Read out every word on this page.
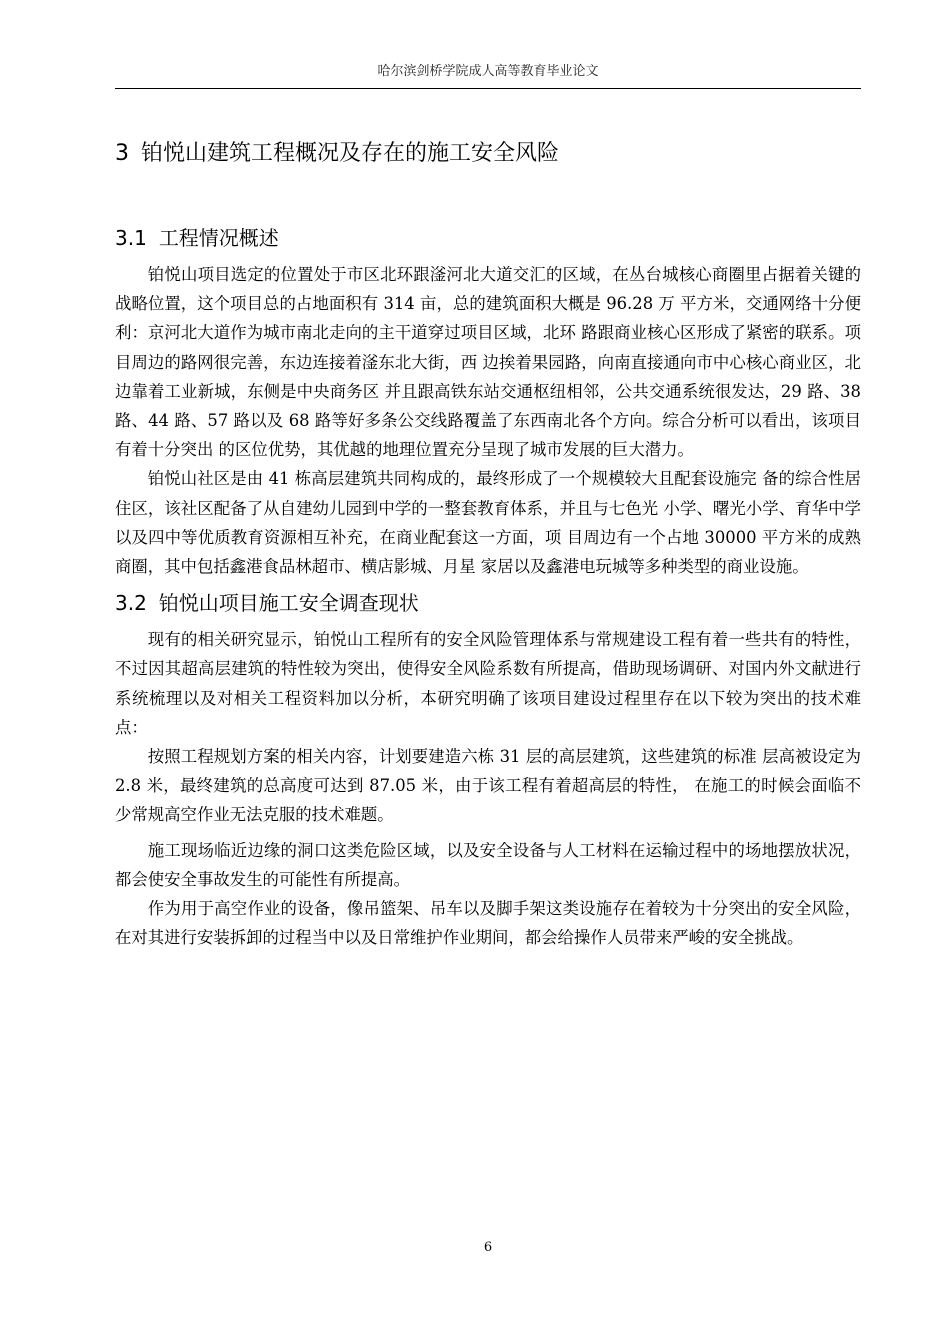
哈尔滨剑桥学院成人高等教育毕业论文
3 铂悦山建筑工程概况及存在的施工安全风险
3.1 工程情况概述

铂悦山项目选定的位置处于市区北环跟滏河北大道交汇的区域，在丛台城核心商圈里占据着关键的战略位置，这个项目总的占地面积有 314 亩，总的建筑面积大概是 96.28 万 平方米，交通网络十分便利：京河北大道作为城市南北走向的主干道穿过项目区域，北环 路跟商业核心区形成了紧密的联系。项目周边的路网很完善，东边连接着滏东北大街，西 边挨着果园路，向南直接通向市中心核心商业区，北边靠着工业新城，东侧是中央商务区 并且跟高铁东站交通枢纽相邻，公共交通系统很发达，29 路、38 路、44 路、57 路以及 68 路等好多条公交线路覆盖了东西南北各个方向。综合分析可以看出，该项目有着十分突出 的区位优势，其优越的地理位置充分呈现了城市发展的巨大潜力。

铂悦山社区是由 41 栋高层建筑共同构成的，最终形成了一个规模较大且配套设施完 备的综合性居住区，该社区配备了从自建幼儿园到中学的一整套教育体系，并且与七色光 小学、曙光小学、育华中学以及四中等优质教育资源相互补充，在商业配套这一方面，项 目周边有一个占地 30000 平方米的成熟商圈，其中包括鑫港食品林超市、横店影城、月星 家居以及鑫港电玩城等多种类型的商业设施。

3.2 铂悦山项目施工安全调查现状

现有的相关研究显示，铂悦山工程所有的安全风险管理体系与常规建设工程有着一些共有的特性，不过因其超高层建筑的特性较为突出，使得安全风险系数有所提高，借助现场调研、对国内外文献进行系统梳理以及对相关工程资料加以分析，本研究明确了该项目建设过程里存在以下较为突出的技术难点：

按照工程规划方案的相关内容，计划要建造六栋 31 层的高层建筑，这些建筑的标准 层高被设定为 2.8 米，最终建筑的总高度可达到 87.05 米，由于该工程有着超高层的特性， 在施工的时候会面临不少常规高空作业无法克服的技术难题。

施工现场临近边缘的洞口这类危险区域，以及安全设备与人工材料在运输过程中的场地摆放状况，都会使安全事故发生的可能性有所提高。

作为用于高空作业的设备，像吊篮架、吊车以及脚手架这类设施存在着较为十分突出的安全风险，在对其进行安装拆卸的过程当中以及日常维护作业期间，都会给操作人员带来严峻的安全挑战。

6
